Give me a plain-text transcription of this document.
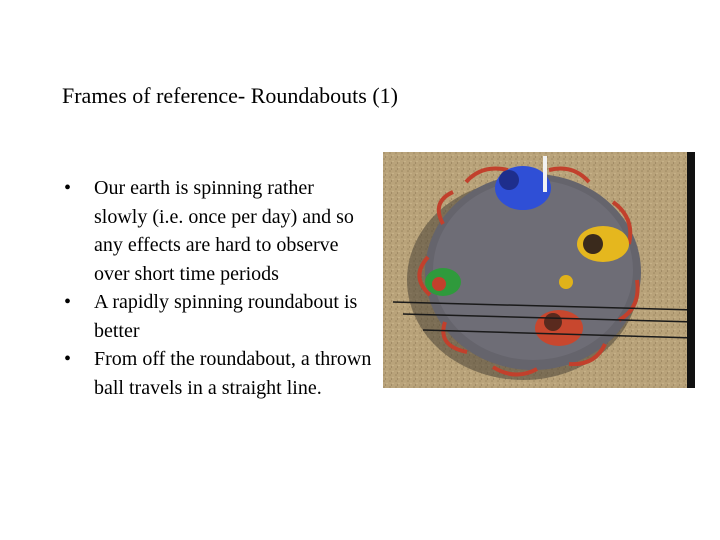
Frames of reference- Roundabouts (1)
• Our earth is spinning rather slowly (i.e. once per day) and so any effects are hard to observe over short time periods
• A rapidly spinning roundabout is better
• From off the roundabout, a thrown ball travels in a straight line.
